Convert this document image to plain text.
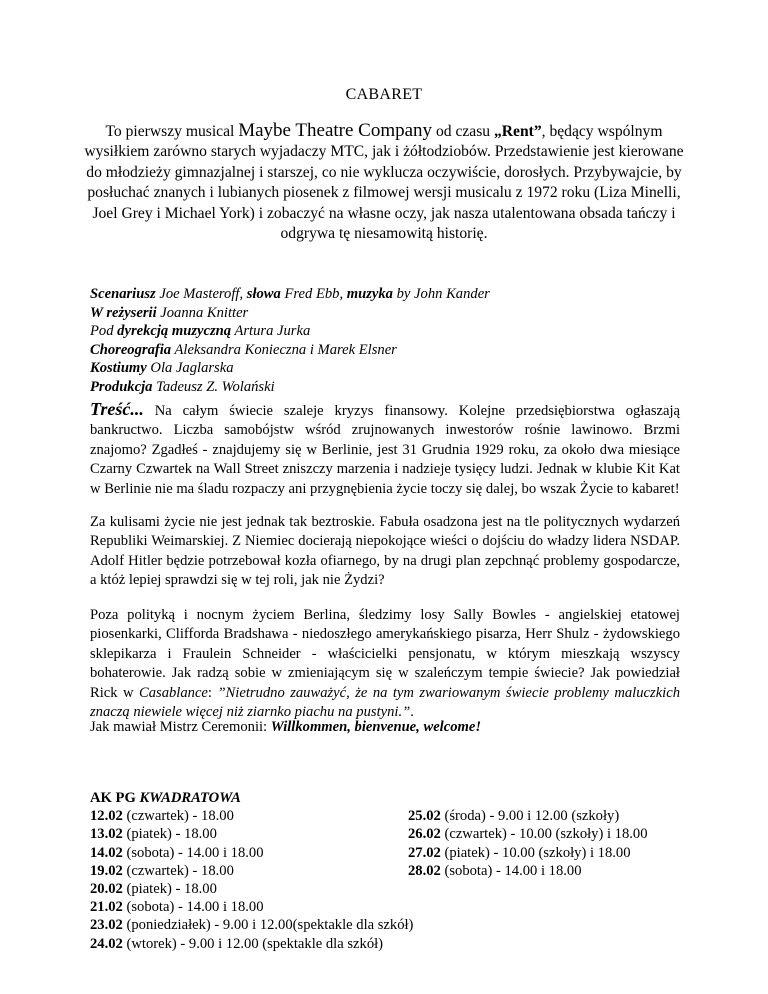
CABARET
To pierwszy musical Maybe Theatre Company od czasu „Rent”, będący wspólnym wysiłkiem zarówno starych wyjadaczy MTC, jak i żółtodziobów. Przedstawienie jest kierowane do młodzieży gimnazjalnej i starszej, co nie wyklucza oczywiście, dorosłych. Przybywajcie, by posłuchać znanych i lubianych piosenek z filmowej wersji musicalu z 1972 roku (Liza Minelli, Joel Grey i Michael York) i zobaczyć na własne oczy, jak nasza utalentowana obsada tańczy i odgrywa tę niesamowitą historię.
Scenariusz Joe Masteroff, słowa Fred Ebb, muzyka by John Kander
W reżyserii Joanna Knitter
Pod dyrekcją muzyczną Artura Jurka
Choreografia Aleksandra Konieczna i Marek Elsner
Kostiumy Ola Jaglarska
Produkcja Tadeusz Z. Wolański
Treść... Na całym świecie szaleje kryzys finansowy. Kolejne przedsiębiorstwa ogłaszają bankructwo. Liczba samobójstw wśród zrujnowanych inwestorów rośnie lawinowo. Brzmi znajomo? Zgadłeś - znajdujemy się w Berlinie, jest 31 Grudnia 1929 roku, za około dwa miesiące Czarny Czwartek na Wall Street zniszczy marzenia i nadzieje tysięcy ludzi. Jednak w klubie Kit Kat w Berlinie nie ma śladu rozpaczy ani przygnębienia życie toczy się dalej, bo wszak Życie to kabaret!
Za kulisami życie nie jest jednak tak beztroskie. Fabuła osadzona jest na tle politycznych wydarzeń Republiki Weimarskiej. Z Niemiec docierają niepokojące wieści o dojściu do władzy lidera NSDAP. Adolf Hitler będzie potrzebował kozła ofiarnego, by na drugi plan zepchnąć problemy gospodarcze, a któż lepiej sprawdzi się w tej roli, jak nie Żydzi?
Poza polityką i nocnym życiem Berlina, śledzimy losy Sally Bowles - angielskiej etatowej piosenkarki, Clifforda Bradshawa - niedoszłego amerykańskiego pisarza, Herr Shulz - żydowskiego sklepikarza i Fraulein Schneider - właścicielki pensjonatu, w którym mieszkają wszyscy bohaterowie. Jak radzą sobie w zmieniającym się w szaleńczym tempie świecie? Jak powiedział Rick w Casablance: ”Nietrudno zauważyć, że na tym zwariowanym świecie problemy maluczkich znaczą niewiele więcej niż ziarnko piachu na pustyni.”.
Jak mawiał Mistrz Ceremonii: Willkommen, bienvenue, welcome!
AK PG KWADRATOWA
12.02 (czwartek) - 18.00
13.02 (piatek) - 18.00
14.02 (sobota) - 14.00 i 18.00
19.02 (czwartek) - 18.00
20.02 (piatek) - 18.00
21.02 (sobota) - 14.00 i 18.00
23.02 (poniedziałek) - 9.00 i 12.00(spektakle dla szkół)
24.02 (wtorek) - 9.00 i 12.00 (spektakle dla szkół)
25.02 (środa) - 9.00 i 12.00 (szkoły)
26.02 (czwartek) - 10.00 (szkoły) i 18.00
27.02 (piatek) - 10.00 (szkoły) i 18.00
28.02 (sobota) - 14.00 i 18.00
